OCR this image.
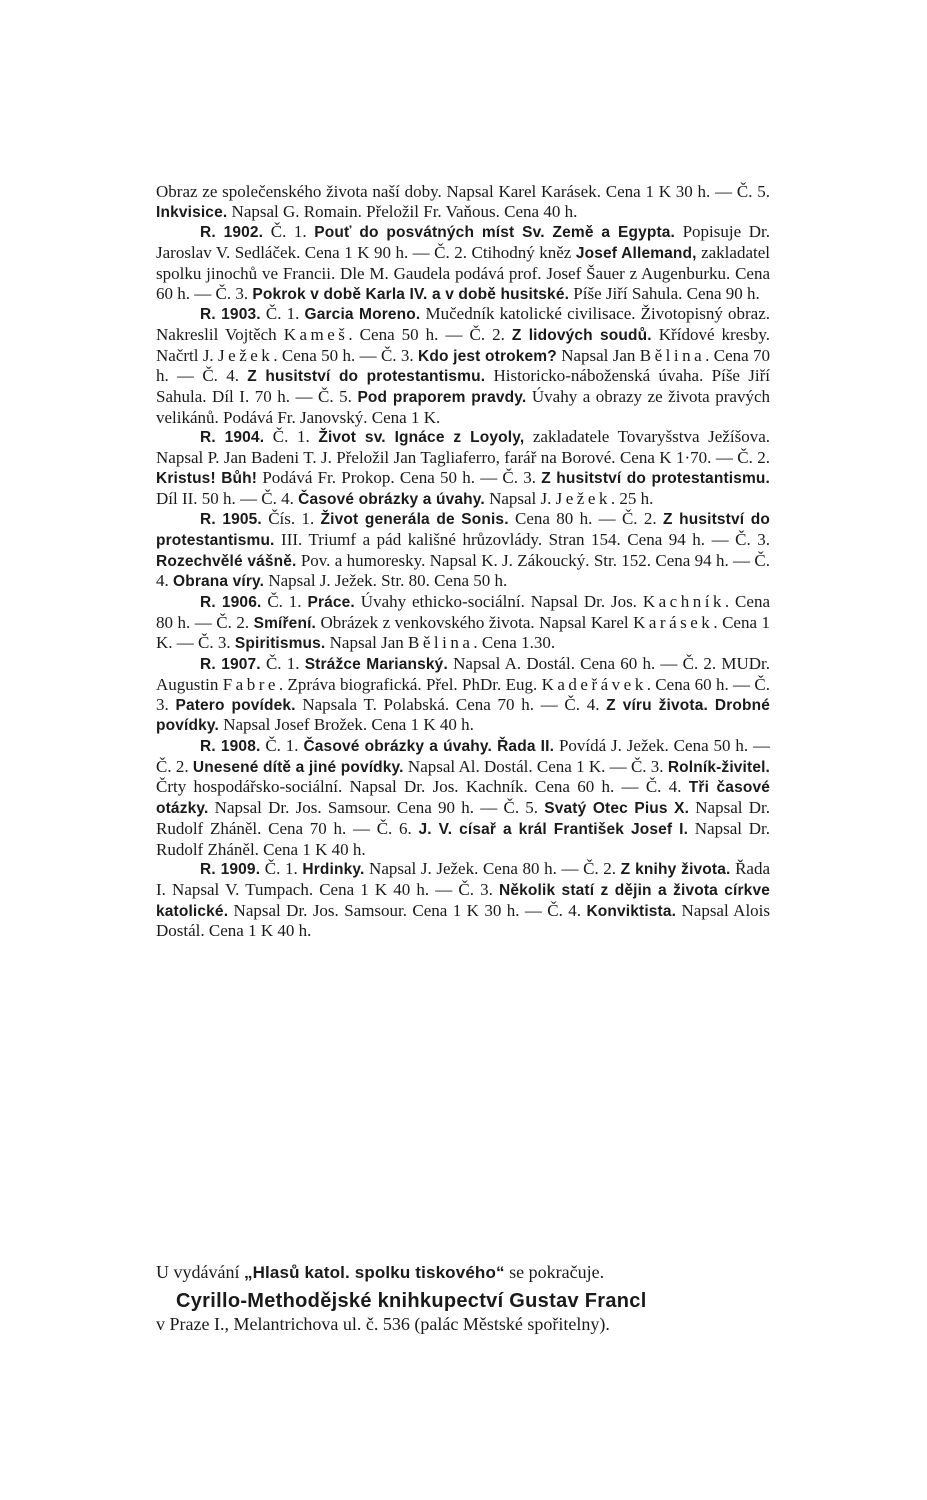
Obraz ze společenského života naší doby. Napsal Karel Karásek. Cena 1 K 30 h. — Č. 5. Inkvisice. Napsal G. Romain. Přeložil Fr. Vaňous. Cena 40 h.

R. 1902. Č. 1. Pouť do posvátných míst Sv. Země a Egypta. Popisuje Dr. Jaroslav V. Sedláček. Cena 1 K 90 h. — Č. 2. Ctihodný kněz Josef Allemand, zakladatel spolku jinochů ve Francii. Dle M. Gaudela podává prof. Josef Šauer z Augenburku. Cena 60 h. — Č. 3. Pokrok v době Karla IV. a v době husitské. Píše Jiří Sahula. Cena 90 h.

R. 1903. Č. 1. Garcia Moreno. Mučedník katolické civilisace. Životopisný obraz. Nakreslil Vojtěch Kameš. Cena 50 h. — Č. 2. Z lidových soudů. Křídové kresby. Načrtl J. Ježek. Cena 50 h. — Č. 3. Kdo jest otrokem? Napsal Jan Bělina. Cena 70 h. — Č. 4. Z husitství do protestantismu. Historicko-náboženská úvaha. Píše Jiří Sahula. Díl I. 70 h. — Č. 5. Pod praporem pravdy. Úvahy a obrazy ze života pravých velikánů. Podává Fr. Janovský. Cena 1 K.

R. 1904. Č. 1. Život sv. Ignáce z Loyoly, zakladatele Tovaryšstva Ježíšova. Napsal P. Jan Badeni T. J. Přeložil Jan Tagliaferro, farář na Borové. Cena K 1·70. — Č. 2. Kristus! Bůh! Podává Fr. Prokop. Cena 50 h. — Č. 3. Z husitství do protestantismu. Díl II. 50 h. — Č. 4. Časové obrázky a úvahy. Napsal J. Ježek. 25 h.

R. 1905. Čís. 1. Život generála de Sonis. Cena 80 h. — Č. 2. Z husitství do protestantismu. III. Triumf a pád kališné hrůzovlády. Stran 154. Cena 94 h. — Č. 3. Rozechvělé vášně. Pov. a humoresky. Napsal K. J. Zákoucký. Str. 152. Cena 94 h. — Č. 4. Obrana víry. Napsal J. Ježek. Str. 80. Cena 50 h.

R. 1906. Č. 1. Práce. Úvahy ethicko-sociální. Napsal Dr. Jos. Kachník. Cena 80 h. — Č. 2. Smíření. Obrázek z venkovského života. Napsal Karel Karásek. Cena 1 K. — Č. 3. Spiritismus. Napsal Jan Bělina. Cena 1.30.

R. 1907. Č. 1. Strážce Marianský. Napsal A. Dostál. Cena 60 h. — Č. 2. MUDr. Augustin Fabre. Zpráva biografická. Přel. PhDr. Eug. Kadeřávek. Cena 60 h. — Č. 3. Patero povídek. Napsala T. Polabská. Cena 70 h. — Č. 4. Z víru života. Drobné povídky. Napsal Josef Brožek. Cena 1 K 40 h.

R. 1908. Č. 1. Časové obrázky a úvahy. Řada II. Povídá J. Ježek. Cena 50 h. — Č. 2. Unesené dítě a jiné povídky. Napsal Al. Dostál. Cena 1 K. — Č. 3. Rolník-živitel. Črty hospodářsko-sociální. Napsal Dr. Jos. Kachník. Cena 60 h. — Č. 4. Tři časové otázky. Napsal Dr. Jos. Samsour. Cena 90 h. — Č. 5. Svatý Otec Pius X. Napsal Dr. Rudolf Zháněl. Cena 70 h. — Č. 6. J. V. císař a král František Josef I. Napsal Dr. Rudolf Zháněl. Cena 1 K 40 h.

R. 1909. Č. 1. Hrdinky. Napsal J. Ježek. Cena 80 h. — Č. 2. Z knihy života. Řada I. Napsal V. Tumpach. Cena 1 K 40 h. — Č. 3. Několik statí z dějin a života církve katolické. Napsal Dr. Jos. Samsour. Cena 1 K 30 h. — Č. 4. Konviktista. Napsal Alois Dostál. Cena 1 K 40 h.

U vydávání „Hlasů katol. spolku tiskového“ se pokračuje.
Cyrillo-Methodějské knihkupectví Gustav Francl
v Praze I., Melantrichova ul. č. 536 (palác Městské spořitelny).
